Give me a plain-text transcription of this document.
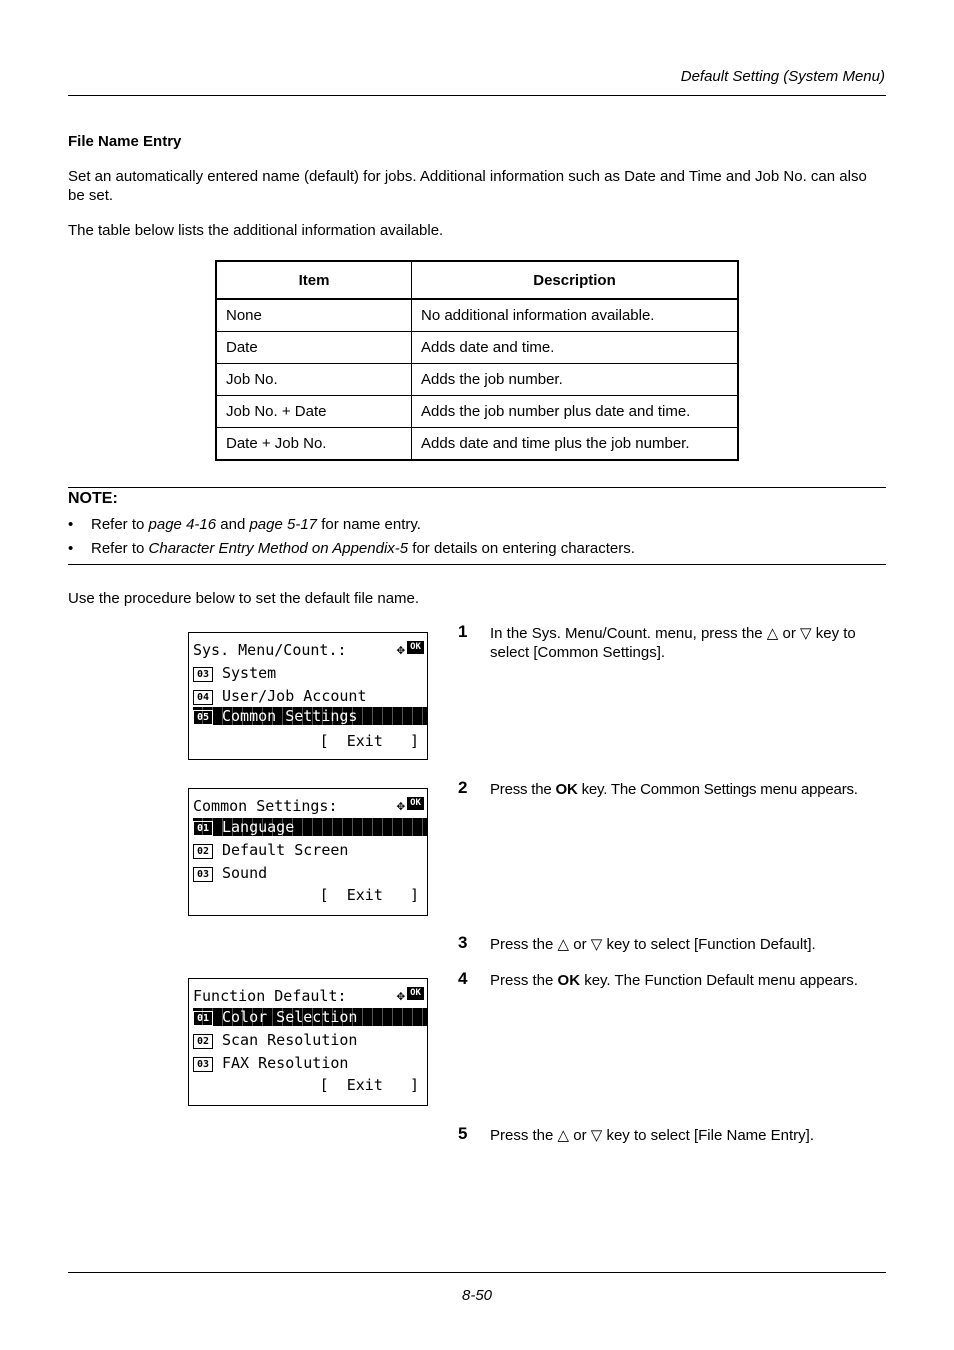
Default Setting (System Menu)
File Name Entry
Set an automatically entered name (default) for jobs. Additional information such as Date and Time and Job No. can also be set.
The table below lists the additional information available.
Item	Description
None	No additional information available.
Date	Adds date and time.
Job No.	Adds the job number.
Job No. + Date	Adds the job number plus date and time.
Date + Job No.	Adds date and time plus the job number.
NOTE:
• Refer to page 4-16 and page 5-17 for name entry.
• Refer to Character Entry Method on Appendix-5 for details on entering characters.
Use the procedure below to set the default file name.
Sys. Menu/Count.:	✥ OK
03 System
04 User/Job Account
05 Common Settings
[  Exit   ]
Common Settings:	✥ OK
01 Language
02 Default Screen
03 Sound
[  Exit   ]
Function Default:	✥ OK
01 Color Selection
02 Scan Resolution
03 FAX Resolution
[  Exit   ]
1 In the Sys. Menu/Count. menu, press the △ or ▽ key to select [Common Settings].
2 Press the OK key. The Common Settings menu appears.
3 Press the △ or ▽ key to select [Function Default].
4 Press the OK key. The Function Default menu appears.
5 Press the △ or ▽ key to select [File Name Entry].
8-50
